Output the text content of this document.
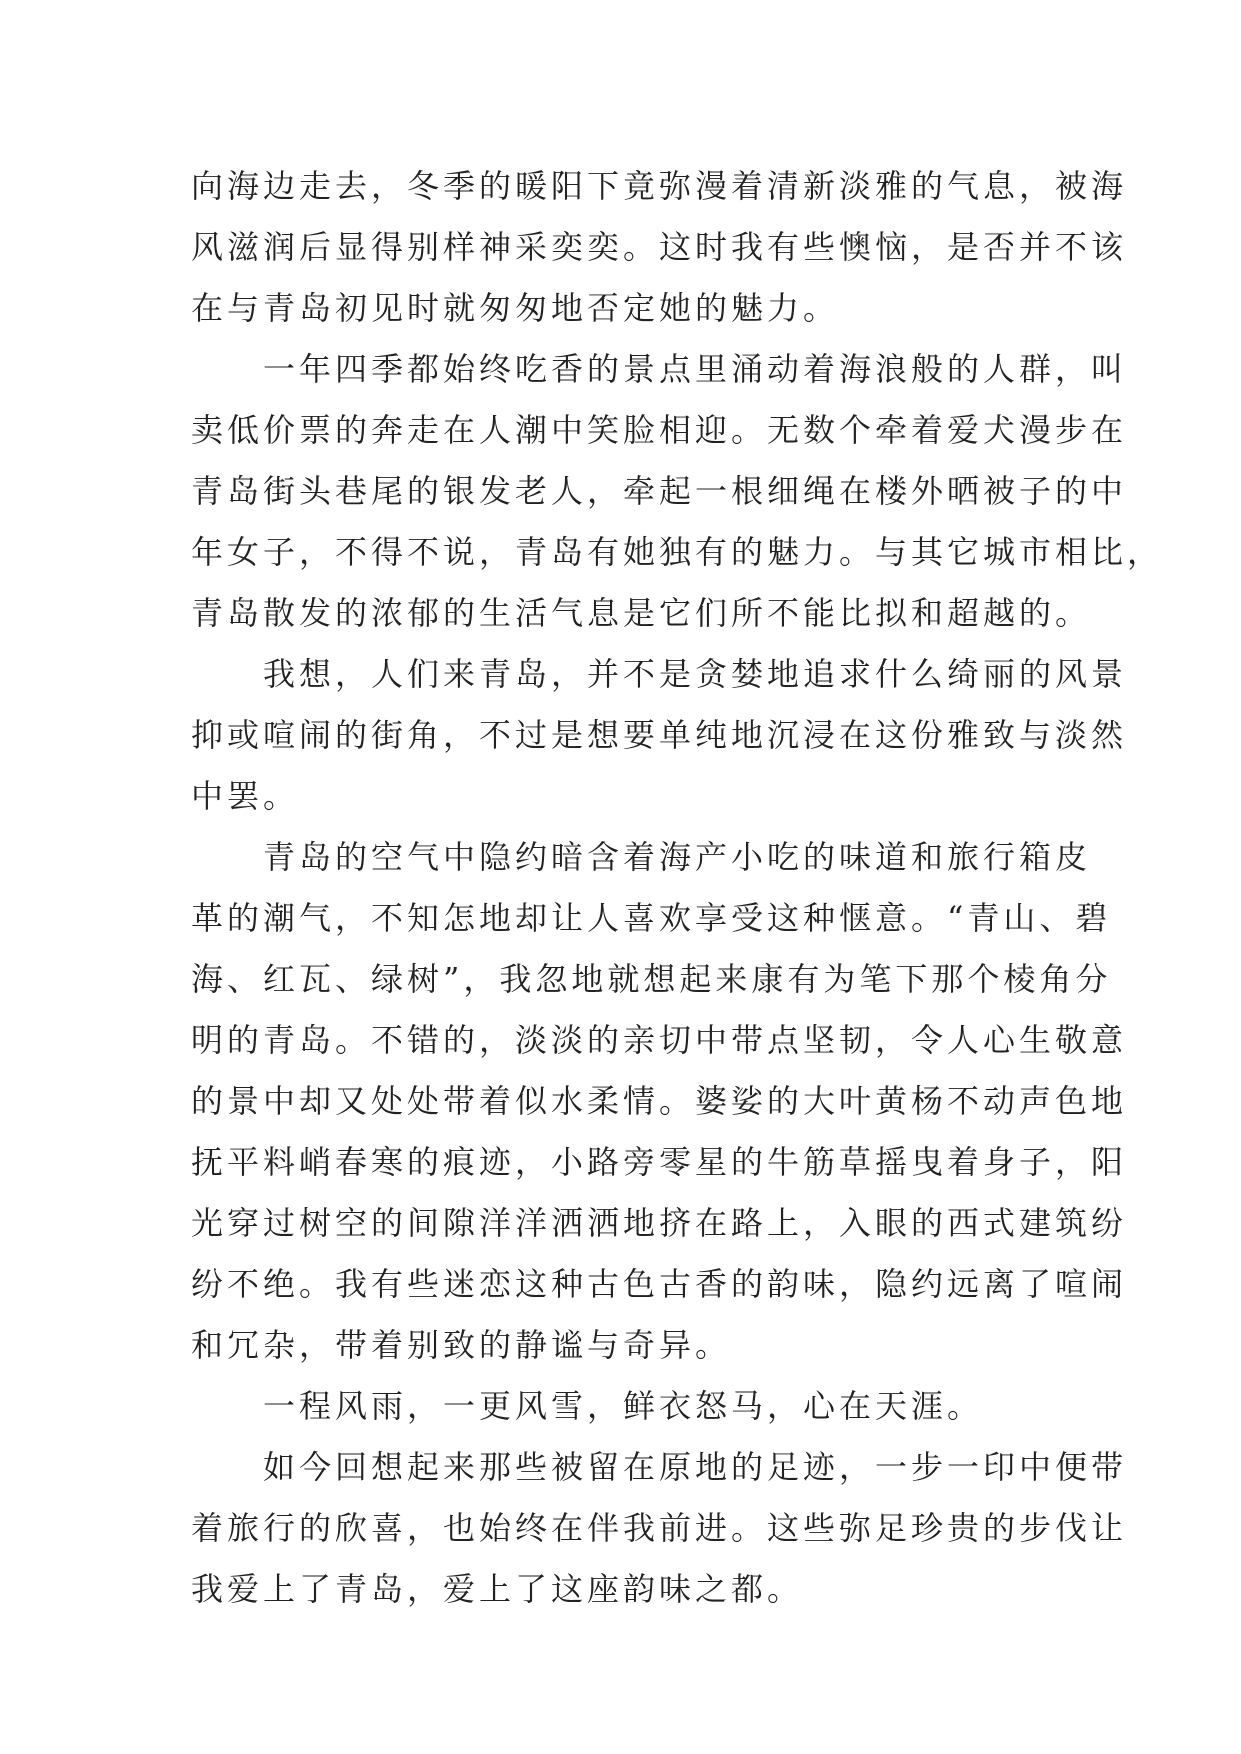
向海边走去，冬季的暖阳下竟弥漫着清新淡雅的气息，被海
风滋润后显得别样神采奕奕。这时我有些懊恼，是否并不该
在与青岛初见时就匆匆地否定她的魅力。
一年四季都始终吃香的景点里涌动着海浪般的人群，叫
卖低价票的奔走在人潮中笑脸相迎。无数个牵着爱犬漫步在
青岛街头巷尾的银发老人，牵起一根细绳在楼外晒被子的中
年女子，不得不说，青岛有她独有的魅力。与其它城市相比，
青岛散发的浓郁的生活气息是它们所不能比拟和超越的。
我想，人们来青岛，并不是贪婪地追求什么绮丽的风景
抑或喧闹的街角，不过是想要单纯地沉浸在这份雅致与淡然
中罢。
青岛的空气中隐约暗含着海产小吃的味道和旅行箱皮
革的潮气，不知怎地却让人喜欢享受这种惬意。“青山、碧
海、红瓦、绿树”，我忽地就想起来康有为笔下那个棱角分
明的青岛。不错的，淡淡的亲切中带点坚韧，令人心生敬意
的景中却又处处带着似水柔情。婆娑的大叶黄杨不动声色地
抚平料峭春寒的痕迹，小路旁零星的牛筋草摇曳着身子，阳
光穿过树空的间隙洋洋洒洒地挤在路上，入眼的西式建筑纷
纷不绝。我有些迷恋这种古色古香的韵味，隐约远离了喧闹
和冗杂，带着别致的静谧与奇异。
一程风雨，一更风雪，鲜衣怒马，心在天涯。
如今回想起来那些被留在原地的足迹，一步一印中便带
着旅行的欣喜，也始终在伴我前进。这些弥足珍贵的步伐让
我爱上了青岛，爱上了这座韵味之都。
